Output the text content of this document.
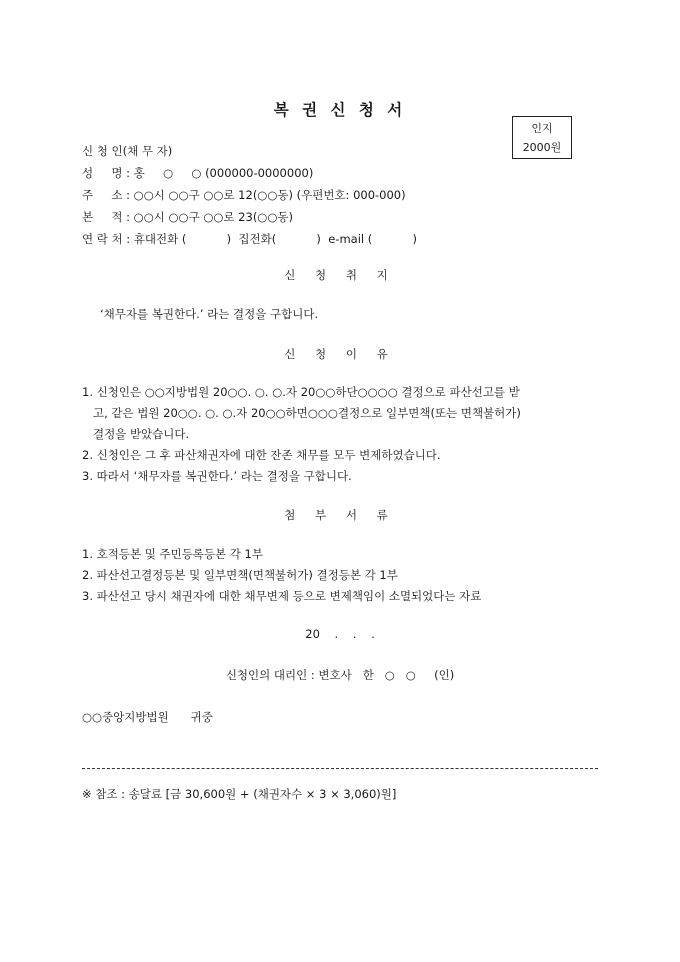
복 권 신 청 서
인지
2000원
신 청 인(채 무 자)
성     명 : 홍     ○     ○ (000000-0000000)
주     소 : ○○시 ○○구 ○○로 12(○○동) (우편번호: 000-000)
본     적 : ○○시 ○○구 ○○로 23(○○동)
연 락 처 : 휴대전화 (           )  집전화(           )  e-mail (           )
신 청 취 지
‘채무자를 복권한다.’ 라는 결정을 구합니다.
신 청 이 유
1. 신청인은 ○○지방법원 20○○. ○. ○.자 20○○하단○○○○ 결정으로 파산선고를 받
고, 같은 법원 20○○. ○. ○.자 20○○하면○○○결정으로 일부면책(또는 면책불허가)
결정을 받았습니다.
2. 신청인은 그 후 파산채권자에 대한 잔존 채무를 모두 변제하였습니다.
3. 따라서 ‘채무자를 복권한다.’ 라는 결정을 구합니다.
첨 부 서 류
1. 호적등본 및 주민등록등본 각 1부
2. 파산선고결정등본 및 일부면책(면책불허가) 결정등본 각 1부
3. 파산선고 당시 채권자에 대한 채무변제 등으로 변제책임이 소멸되었다는 자료
20    .    .    .
신청인의 대리인 : 변호사   한   ○   ○     (인)
○○중앙지방법원      귀중
※ 참조 : 송달료 [금 30,600원 + (채권자수 × 3 × 3,060)원]
